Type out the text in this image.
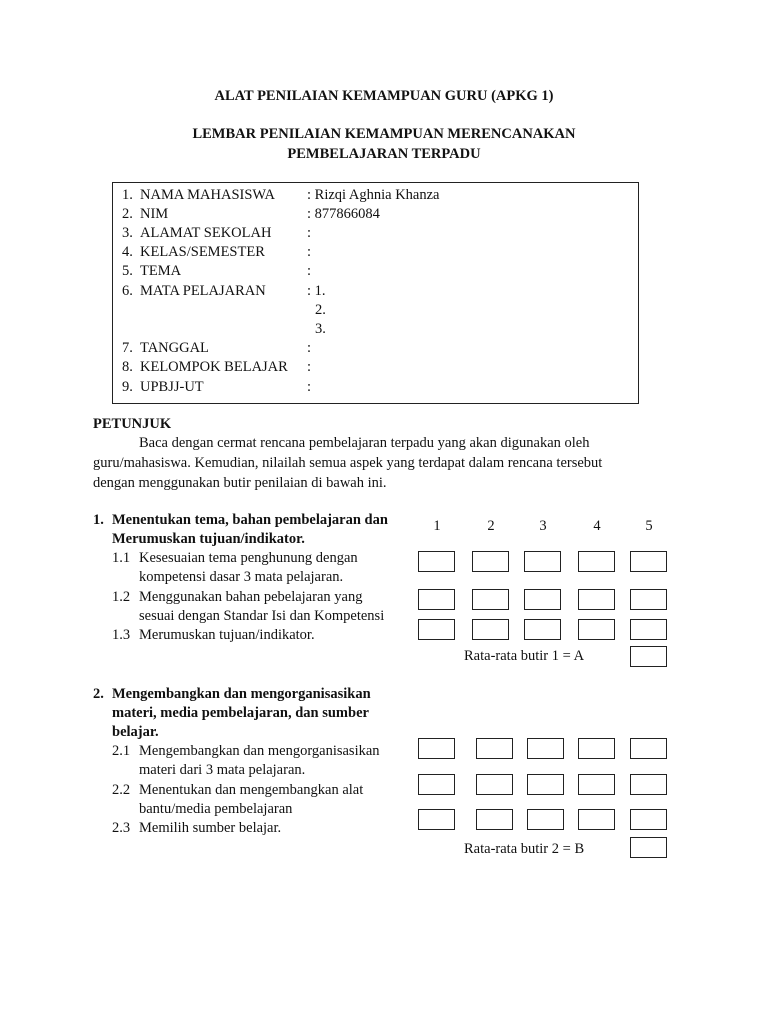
ALAT PENILAIAN KEMAMPUAN GURU (APKG 1)
LEMBAR PENILAIAN KEMAMPUAN MERENCANAKAN
PEMBELAJARAN TERPADU
1. NAMA MAHASISWA : Rizqi Aghnia Khanza
2. NIM	: 877866084
3. ALAMAT SEKOLAH :
4. KELAS/SEMESTER	:
5. TEMA	:
6. MATA PELAJARAN	: 1.
2.
3.
7. TANGGAL	:
8. KELOMPOK BELAJAR :
9. UPBJJ-UT	:
PETUNJUK
Baca dengan cermat rencana pembelajaran terpadu yang akan digunakan oleh
guru/mahasiswa. Kemudian, nilailah semua aspek yang terdapat dalam rencana tersebut
dengan menggunakan butir penilaian di bawah ini.
1	2	3	4	5
1. Menentukan tema, bahan pembelajaran dan
Merumuskan tujuan/indikator.
1.1 Kesesuaian tema penghunung dengan
kompetensi dasar 3 mata pelajaran.
1.2 Menggunakan bahan pebelajaran yang
sesuai dengan Standar Isi dan Kompetensi
1.3 Merumuskan tujuan/indikator.
Rata-rata butir 1 = A
2. Mengembangkan dan mengorganisasikan
materi, media pembelajaran, dan sumber
belajar.
2.1 Mengembangkan dan mengorganisasikan
materi dari 3 mata pelajaran.
2.2 Menentukan dan mengembangkan alat
bantu/media pembelajaran
2.3 Memilih sumber belajar.
Rata-rata butir 2 = B
